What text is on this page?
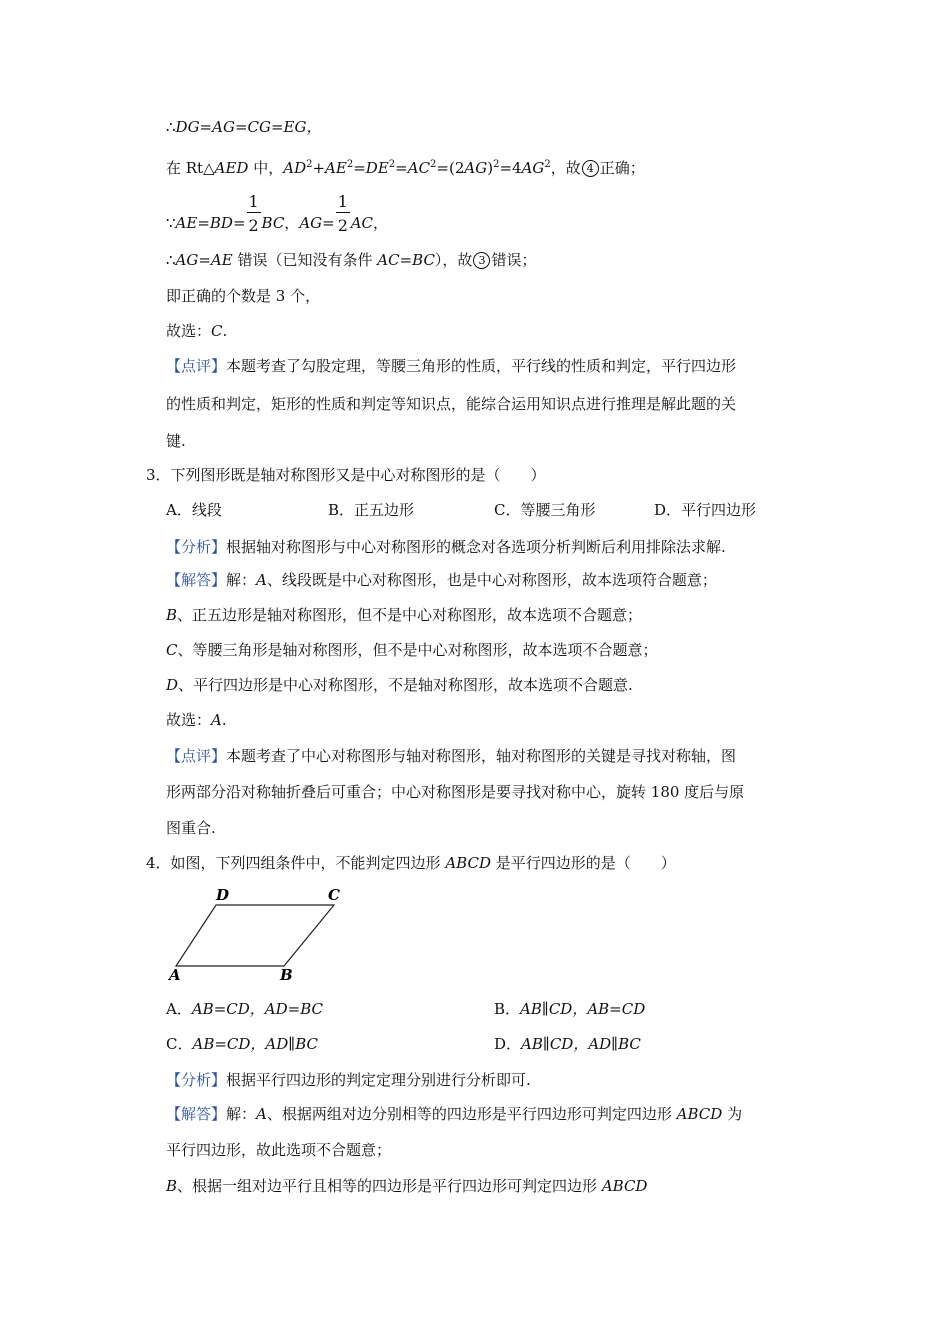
∴DG=AG=CG=EG，
在 Rt△AED 中，$AD^2+AE^2=DE^2=AC^2=(2AG)^2=4AG^2$，故 4 正确；
∵AE=BD= $\frac{1}{2}$ BC，$AG= \frac{1}{2}$ AC，
∴AG=AE 错误（已知没有条件 AC=BC），故 3 错误；
即正确的个数是 3 个，
故选：C.
【点评】本题考查了勾股定理，等腰三角形的性质，平行线的性质和判定，平行四边形
的性质和判定，矩形的性质和判定等知识点，能综合运用知识点进行推理是解此题的关
键.
3．下列图形既是轴对称图形又是中心对称图形的是（　　）
A．线段	B．正五边形	C．等腰三角形	D．平行四边形
【分析】根据轴对称图形与中心对称图形的概念对各选项分析判断后利用排除法求解.
【解答】解：A、线段既是中心对称图形，也是中心对称图形，故本选项符合题意；
B、正五边形是轴对称图形，但不是中心对称图形，故本选项不合题意；
C、等腰三角形是轴对称图形，但不是中心对称图形，故本选项不合题意；
D、平行四边形是中心对称图形，不是轴对称图形，故本选项不合题意.
故选：A.
【点评】本题考查了中心对称图形与轴对称图形，轴对称图形的关键是寻找对称轴，图
形两部分沿对称轴折叠后可重合；中心对称图形是要寻找对称中心，旋转 180 度后与原
图重合.
4．如图，下列四组条件中，不能判定四边形 ABCD 是平行四边形的是（　　）
D	C
A	B
A．AB=CD，AD=BC	B．AB∥CD，AB=CD
C．AB=CD，AD∥BC	D．AB∥CD，AD∥BC
【分析】根据平行四边形的判定定理分别进行分析即可.
【解答】解：A、根据两组对边分别相等的四边形是平行四边形可判定四边形 ABCD 为
平行四边形，故此选项不合题意；
B、根据一组对边平行且相等的四边形是平行四边形可判定四边形 ABCD
